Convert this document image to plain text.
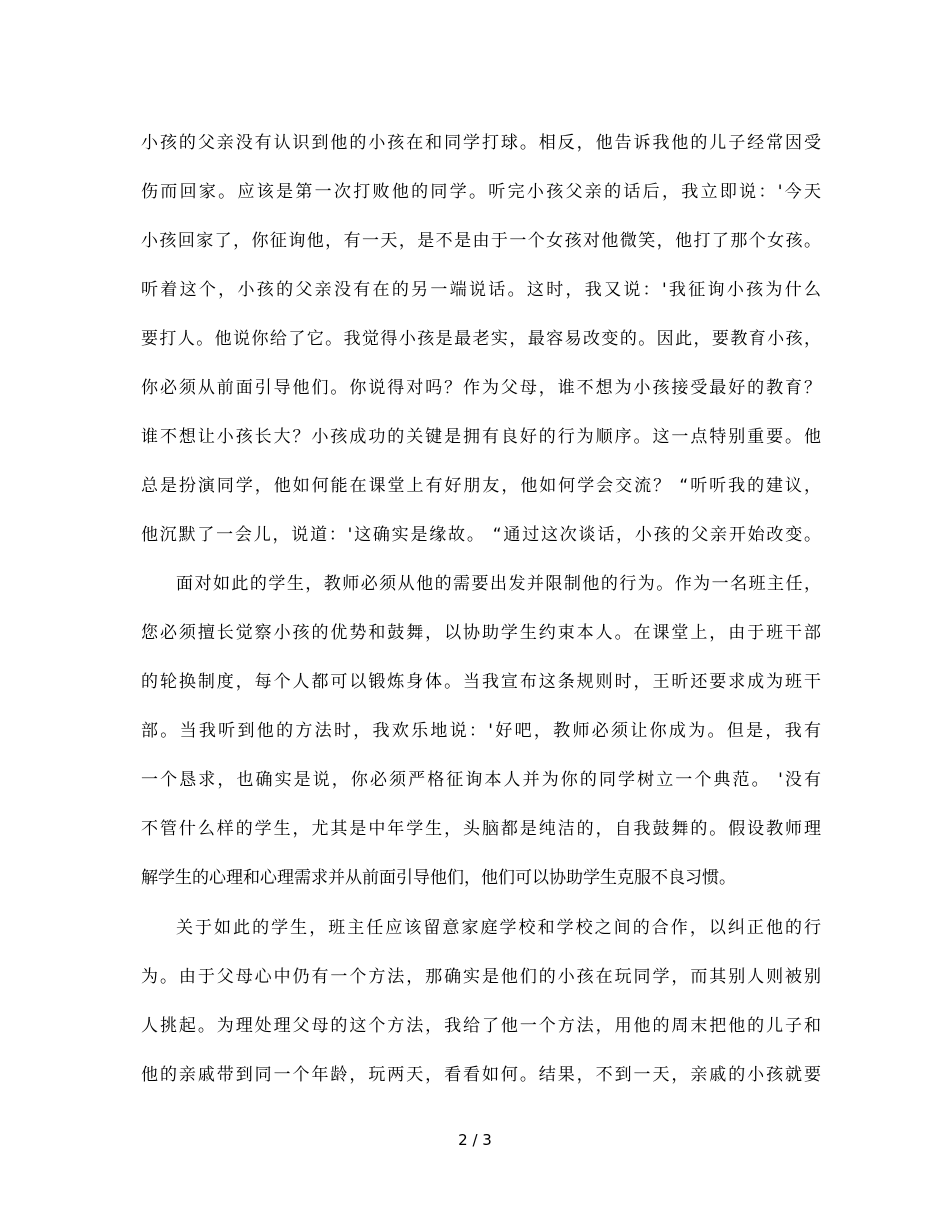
小孩的父亲没有认识到他的小孩在和同学打球。相反，他告诉我他的儿子经常因受
伤而回家。应该是第一次打败他的同学。听完小孩父亲的话后，我立即说：'今天
小孩回家了，你征询他，有一天，是不是由于一个女孩对他微笑，他打了那个女孩。
听着这个，小孩的父亲没有在的另一端说话。这时，我又说：'我征询小孩为什么
要打人。他说你给了它。我觉得小孩是最老实，最容易改变的。因此，要教育小孩，
你必须从前面引导他们。你说得对吗？作为父母，谁不想为小孩接受最好的教育？
谁不想让小孩长大？小孩成功的关键是拥有良好的行为顺序。这一点特别重要。他
总是扮演同学，他如何能在课堂上有好朋友，他如何学会交流？ “听听我的建议，
他沉默了一会儿，说道：'这确实是缘故。 “通过这次谈话，小孩的父亲开始改变。
面对如此的学生，教师必须从他的需要出发并限制他的行为。作为一名班主任，
您必须擅长觉察小孩的优势和鼓舞，以协助学生约束本人。在课堂上，由于班干部
的轮换制度，每个人都可以锻炼身体。当我宣布这条规则时，王昕还要求成为班干
部。当我听到他的方法时，我欢乐地说：'好吧，教师必须让你成为。但是，我有
一个恳求，也确实是说，你必须严格征询本人并为你的同学树立一个典范。 '没有
不管什么样的学生，尤其是中年学生，头脑都是纯洁的，自我鼓舞的。假设教师理
解学生的心理和心理需求并从前面引导他们，他们可以协助学生克服不良习惯。
关于如此的学生，班主任应该留意家庭学校和学校之间的合作，以纠正他的行
为。由于父母心中仍有一个方法，那确实是他们的小孩在玩同学，而其别人则被别
人挑起。为理处理父母的这个方法，我给了他一个方法，用他的周末把他的儿子和
他的亲戚带到同一个年龄，玩两天，看看如何。结果，不到一天，亲戚的小孩就要
2 / 3
